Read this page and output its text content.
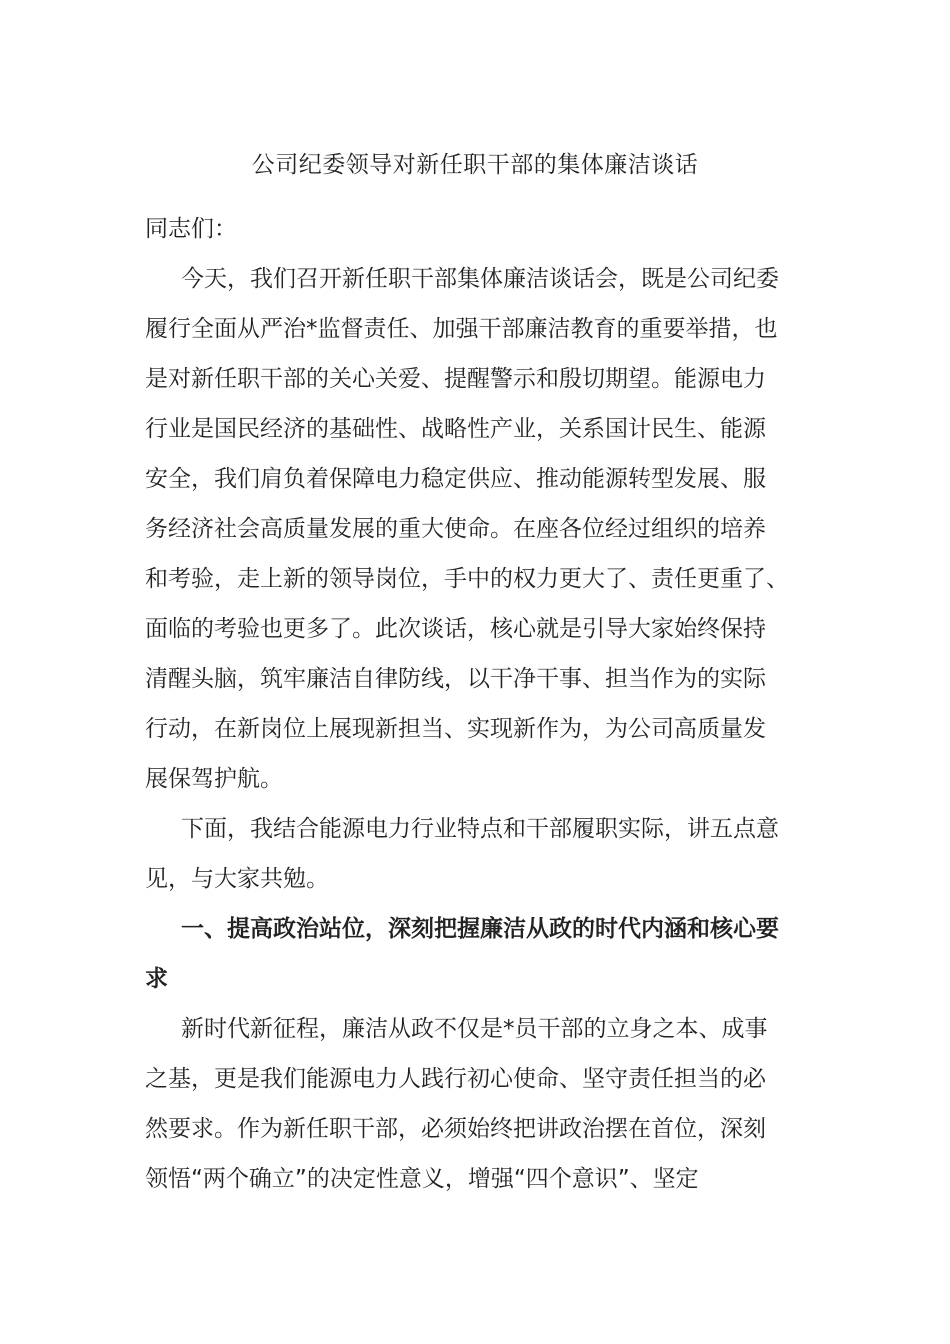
公司纪委领导对新任职干部的集体廉洁谈话
同志们：
今天，我们召开新任职干部集体廉洁谈话会，既是公司纪委
履行全面从严治*监督责任、加强干部廉洁教育的重要举措，也
是对新任职干部的关心关爱、提醒警示和殷切期望。能源电力
行业是国民经济的基础性、战略性产业，关系国计民生、能源
安全，我们肩负着保障电力稳定供应、推动能源转型发展、服
务经济社会高质量发展的重大使命。在座各位经过组织的培养
和考验，走上新的领导岗位，手中的权力更大了、责任更重了、
面临的考验也更多了。此次谈话，核心就是引导大家始终保持
清醒头脑，筑牢廉洁自律防线，以干净干事、担当作为的实际
行动，在新岗位上展现新担当、实现新作为，为公司高质量发
展保驾护航。
下面，我结合能源电力行业特点和干部履职实际，讲五点意
见，与大家共勉。
一、提高政治站位，深刻把握廉洁从政的时代内涵和核心要
求
新时代新征程，廉洁从政不仅是*员干部的立身之本、成事
之基，更是我们能源电力人践行初心使命、坚守责任担当的必
然要求。作为新任职干部，必须始终把讲政治摆在首位，深刻
领悟“两个确立”的决定性意义，增强“四个意识”、坚定
